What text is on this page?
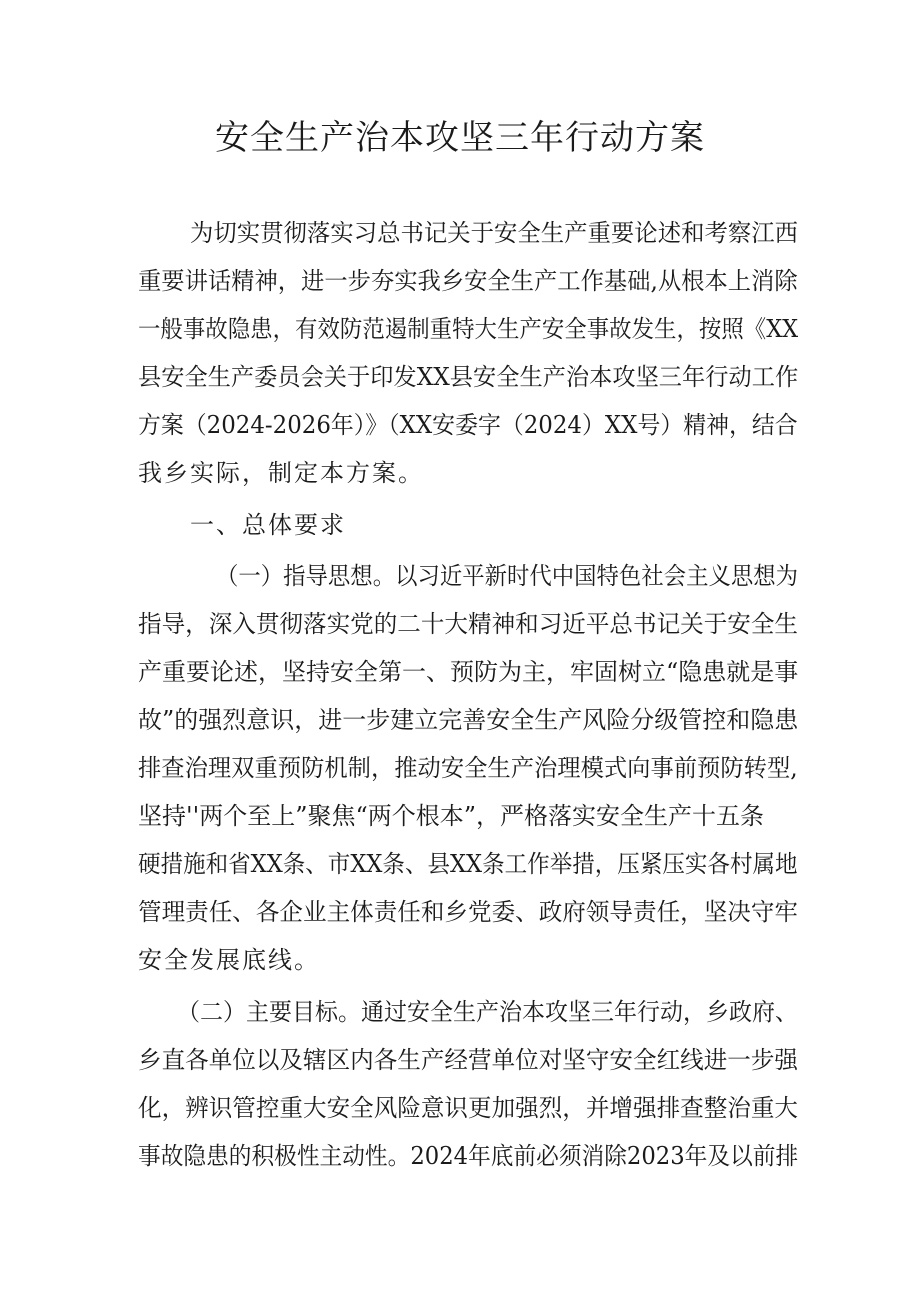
安全生产治本攻坚三年行动方案
为切实贯彻落实习总书记关于安全生产重要论述和考察江西
重要讲话精神，进一步夯实我乡安全生产工作基础,从根本上消除
一般事故隐患，有效防范遏制重特大生产安全事故发生，按照《XX
县安全生产委员会关于印发XX县安全生产治本攻坚三年行动工作
方案（2024-2026年）》（XX安委字（2024）XX号）精神，结合
我乡实际，制定本方案。
一、总体要求
（一）指导思想。以习近平新时代中国特色社会主义思想为
指导，深入贯彻落实党的二十大精神和习近平总书记关于安全生
产重要论述，坚持安全第一、预防为主，牢固树立“隐患就是事
故”的强烈意识，进一步建立完善安全生产风险分级管控和隐患
排查治理双重预防机制，推动安全生产治理模式向事前预防转型,
坚持''两个至上”聚焦“两个根本”，严格落实安全生产十五条
硬措施和省XX条、市XX条、县XX条工作举措，压紧压实各村属地
管理责任、各企业主体责任和乡党委、政府领导责任，坚决守牢
安全发展底线。
（二）主要目标。通过安全生产治本攻坚三年行动，乡政府、
乡直各单位以及辖区内各生产经营单位对坚守安全红线进一步强
化，辨识管控重大安全风险意识更加强烈，并增强排查整治重大
事故隐患的积极性主动性。2024年底前必须消除2023年及以前排
